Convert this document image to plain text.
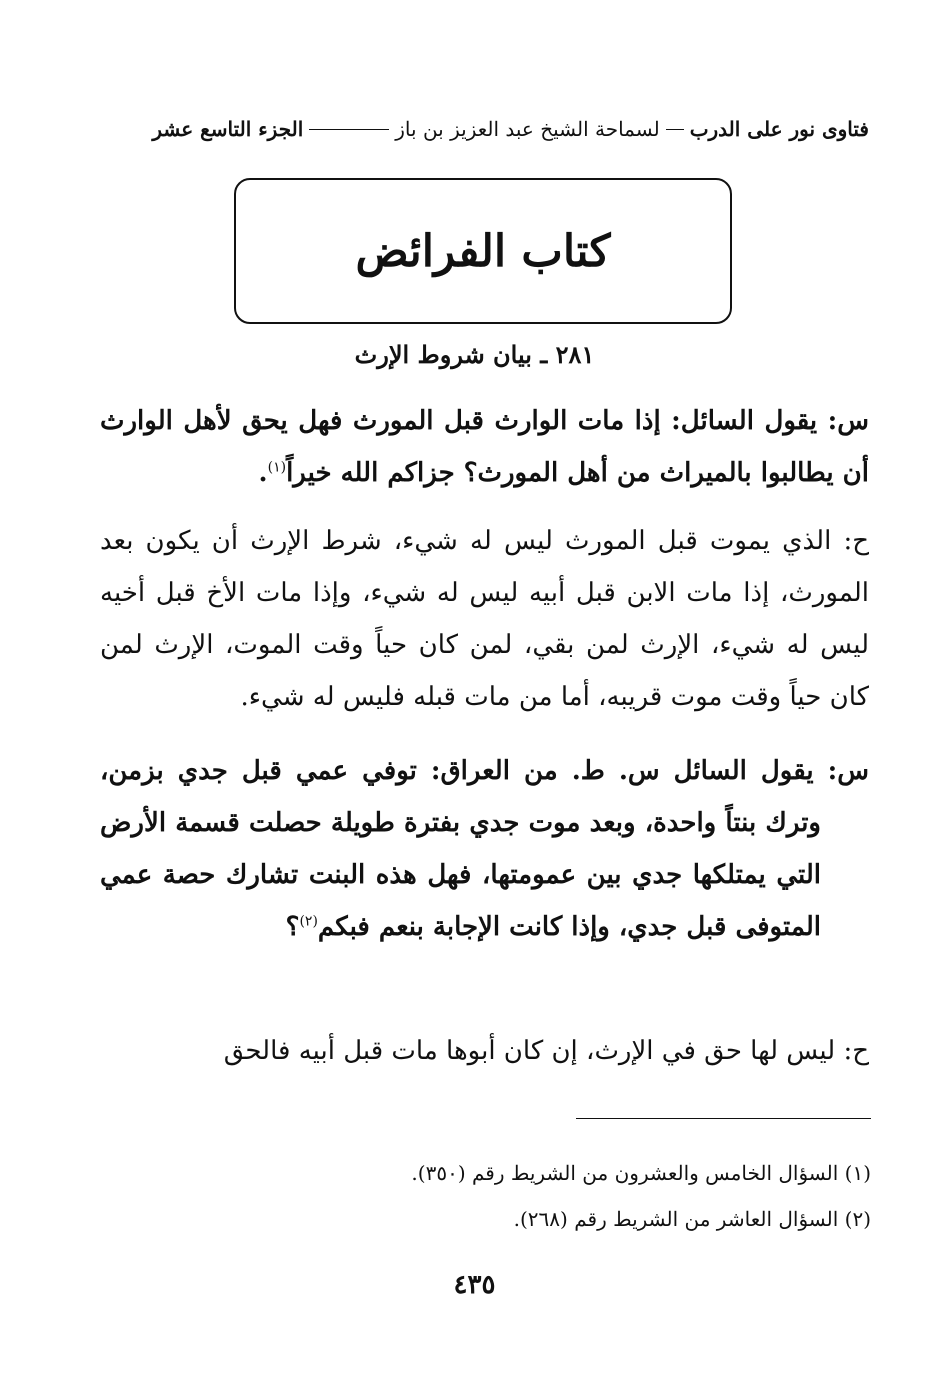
فتاوى نور على الدرب
لسماحة الشيخ عبد العزيز بن باز
الجزء التاسع عشر
كتاب الفرائض
٢٨١ ـ بيان شروط الإرث
س: يقول السائل: إذا مات الوارث قبل المورث فهل يحق لأهل الوارث أن يطالبوا بالميراث من أهل المورث؟ جزاكم الله خيراً$^{(١)}$.
ح: الذي يموت قبل المورث ليس له شيء، شرط الإرث أن يكون بعد المورث، إذا مات الابن قبل أبيه ليس له شيء، وإذا مات الأخ قبل أخيه ليس له شيء، الإرث لمن بقي، لمن كان حياً وقت الموت، الإرث لمن كان حياً وقت موت قريبه، أما من مات قبله فليس له شيء.
س: يقول السائل س. ط. من العراق: توفي عمي قبل جدي بزمن، وترك بنتاً واحدة، وبعد موت جدي بفترة طويلة حصلت قسمة الأرض التي يمتلكها جدي بين عمومتها، فهل هذه البنت تشارك حصة عمي المتوفى قبل جدي، وإذا كانت الإجابة بنعم فبكم$^{(٢)}$؟
ح: ليس لها حق في الإرث، إن كان أبوها مات قبل أبيه فالحق
(١) السؤال الخامس والعشرون من الشريط رقم (٣٥٠).
(٢) السؤال العاشر من الشريط رقم (٢٦٨).
٤٣٥
